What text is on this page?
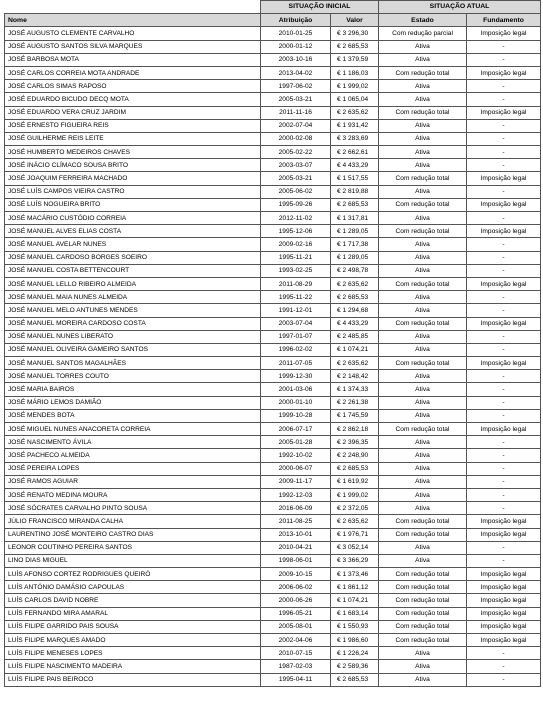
	SITUAÇÃO INICIAL		SITUAÇÃO ATUAL	
Nome	Atribuição	Valor	Estado	Fundamento
JOSÉ AUGUSTO CLEMENTE CARVALHO	2010-01-25	€ 3 296,30	Com redução parcial	Imposição legal
JOSÉ AUGUSTO SANTOS SILVA MARQUES	2000-01-12	€ 2 685,53	Ativa	-
JOSÉ BARBOSA MOTA	2003-10-16	€ 1 379,59	Ativa	-
JOSÉ CARLOS CORREIA MOTA ANDRADE	2013-04-02	€ 1 186,03	Com redução total	Imposição legal
JOSÉ CARLOS SIMAS RAPOSO	1997-06-02	€ 1 999,02	Ativa	-
JOSÉ EDUARDO BICUDO DECQ MOTA	2005-03-21	€ 1 065,04	Ativa	-
JOSÉ EDUARDO VERA CRUZ JARDIM	2011-11-16	€ 2 635,62	Com redução total	Imposição legal
JOSÉ ERNESTO FIGUEIRA REIS	2002-07-04	€ 1 931,42	Ativa	-
JOSÉ GUILHERME REIS LEITE	2000-02-08	€ 3 283,69	Ativa	-
JOSÉ HUMBERTO MEDEIROS CHAVES	2005-02-22	€ 2 662,61	Ativa	-
JOSÉ INÁCIO CLÍMACO SOUSA BRITO	2003-03-07	€ 4 433,29	Ativa	-
JOSÉ JOAQUIM FERREIRA MACHADO	2005-03-21	€ 1 517,55	Com redução total	Imposição legal
JOSÉ LUÍS CAMPOS VIEIRA CASTRO	2005-06-02	€ 2 819,88	Ativa	-
JOSÉ LUÍS NOGUEIRA BRITO	1995-09-26	€ 2 685,53	Com redução total	Imposição legal
JOSÉ MACÁRIO CUSTÓDIO CORREIA	2012-11-02	€ 1 317,81	Ativa	-
JOSÉ MANUEL ALVES ELIAS COSTA	1995-12-06	€ 1 289,05	Com redução total	Imposição legal
JOSÉ MANUEL AVELAR NUNES	2009-02-16	€ 1 717,38	Ativa	-
JOSÉ MANUEL CARDOSO BORGES SOEIRO	1995-11-21	€ 1 289,05	Ativa	-
JOSÉ MANUEL COSTA BETTENCOURT	1993-02-25	€ 2 498,78	Ativa	-
JOSÉ MANUEL LELLO RIBEIRO ALMEIDA	2011-08-29	€ 2 635,62	Com redução total	Imposição legal
JOSÉ MANUEL MAIA NUNES ALMEIDA	1995-11-22	€ 2 685,53	Ativa	-
JOSÉ MANUEL MELO ANTUNES MENDES	1991-12-01	€ 1 294,68	Ativa	-
JOSÉ MANUEL MOREIRA CARDOSO COSTA	2003-07-04	€ 4 433,29	Com redução total	Imposição legal
JOSÉ MANUEL NUNES LIBERATO	1997-01-07	€ 2 485,85	Ativa	-
JOSÉ MANUEL OLIVEIRA GAMEIRO SANTOS	1996-02-02	€ 1 074,21	Ativa	-
JOSÉ MANUEL SANTOS MAGALHÃES	2011-07-05	€ 2 635,62	Com redução total	Imposição legal
JOSÉ MANUEL TORRES COUTO	1999-12-30	€ 2 148,42	Ativa	-
JOSÉ MARIA BAIROS	2001-03-06	€ 1 374,33	Ativa	-
JOSÉ MÁRIO LEMOS DAMIÃO	2000-01-10	€ 2 261,38	Ativa	-
JOSÉ MENDES BOTA	1999-10-28	€ 1 745,59	Ativa	-
JOSÉ MIGUEL NUNES ANACORETA CORREIA	2006-07-17	€ 2 862,18	Com redução total	Imposição legal
JOSÉ NASCIMENTO ÁVILA	2005-01-28	€ 2 396,35	Ativa	-
JOSÉ PACHECO ALMEIDA	1992-10-02	€ 2 248,90	Ativa	-
JOSÉ PEREIRA LOPES	2000-06-07	€ 2 685,53	Ativa	-
JOSÉ RAMOS AGUIAR	2009-11-17	€ 1 619,92	Ativa	-
JOSÉ RENATO MEDINA MOURA	1992-12-03	€ 1 999,02	Ativa	-
JOSÉ SÓCRATES CARVALHO PINTO SOUSA	2016-06-09	€ 2 372,05	Ativa	-
JÚLIO FRANCISCO MIRANDA CALHA	2011-08-25	€ 2 635,62	Com redução total	Imposição legal
LAURENTINO JOSÉ MONTEIRO CASTRO DIAS	2013-10-01	€ 1 976,71	Com redução total	Imposição legal
LEONOR COUTINHO PEREIRA SANTOS	2010-04-21	€ 3 052,14	Ativa	-
LINO DIAS MIGUEL	1998-06-01	€ 3 366,29	Ativa	-
LUÍS AFONSO CORTEZ RODRIGUES QUEIRÓ	2009-10-15	€ 1 373,46	Com redução total	Imposição legal
LUÍS ANTÓNIO DAMÁSIO CAPOULAS	2006-06-02	€ 1 861,12	Com redução total	Imposição legal
LUÍS CARLOS DAVID NOBRE	2000-06-26	€ 1 074,21	Com redução total	Imposição legal
LUÍS FERNANDO MIRA AMARAL	1996-05-21	€ 1 683,14	Com redução total	Imposição legal
LUÍS FILIPE GARRIDO PAIS SOUSA	2005-08-01	€ 1 550,93	Com redução total	Imposição legal
LUÍS FILIPE MARQUES AMADO	2002-04-06	€ 1 986,60	Com redução total	Imposição legal
LUÍS FILIPE MENESES LOPES	2010-07-15	€ 1 226,24	Ativa	-
LUÍS FILIPE NASCIMENTO MADEIRA	1987-02-03	€ 2 589,36	Ativa	-
LUÍS FILIPE PAIS BEIROCO	1995-04-11	€ 2 685,53	Ativa	-
